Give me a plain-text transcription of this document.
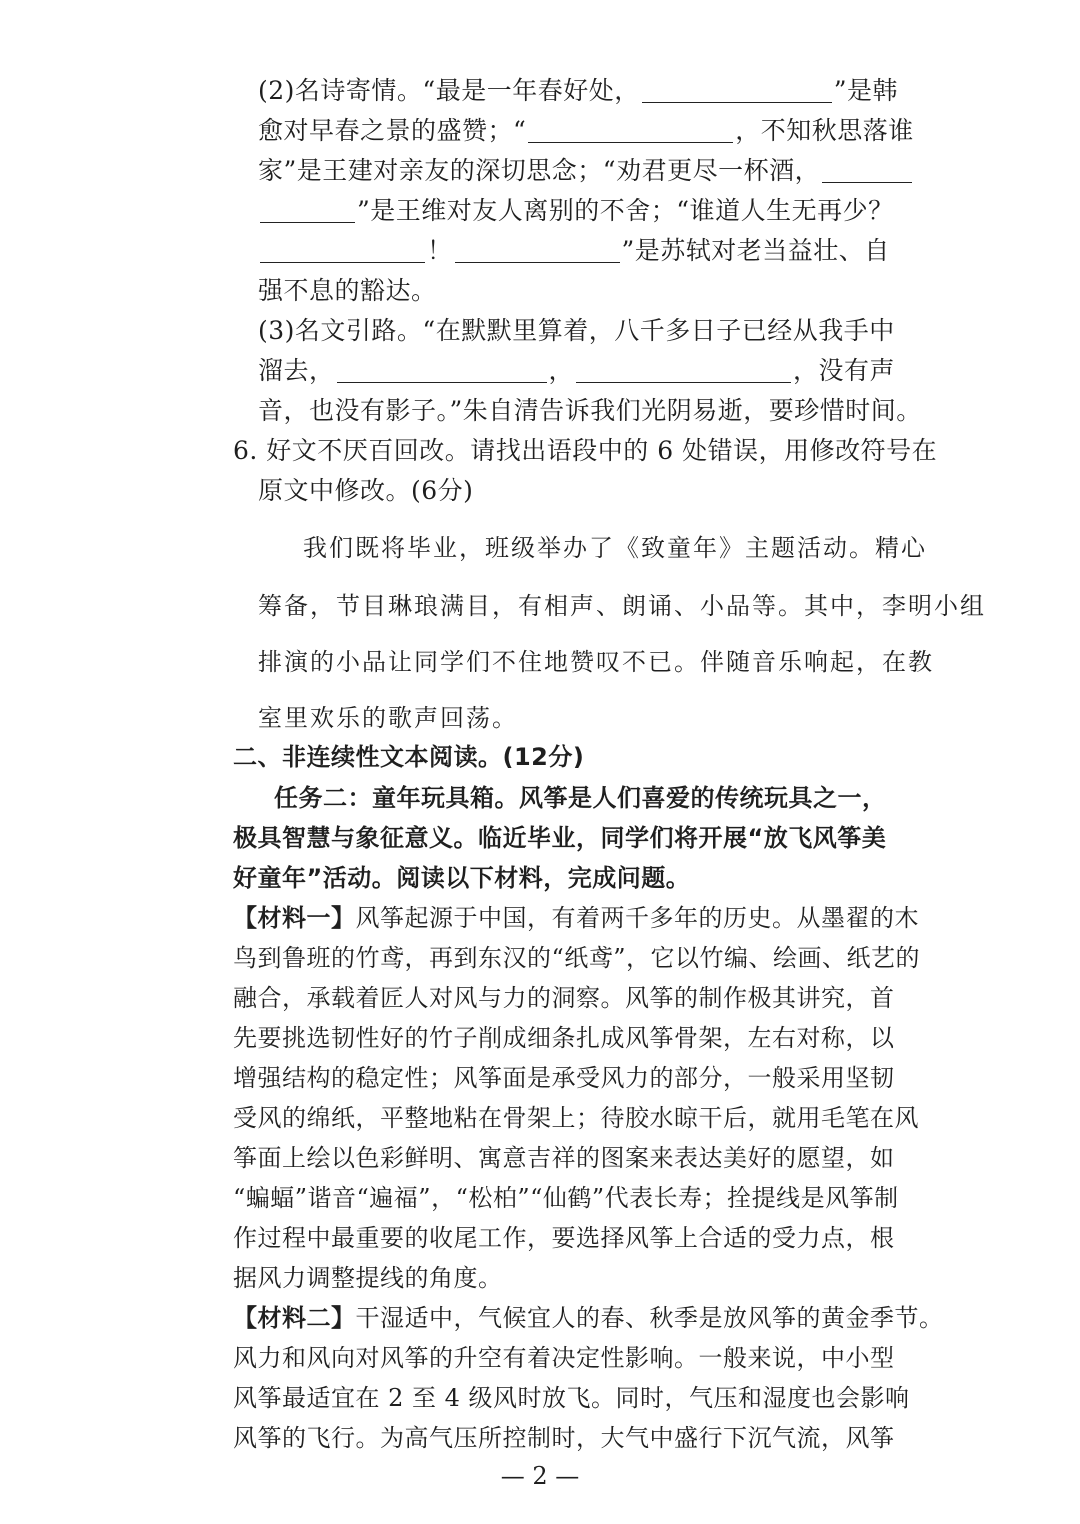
(2)名诗寄情。“最是一年春好处，	”是韩
愈对早春之景的盛赞；“	，不知秋思落谁
家”是王建对亲友的深切思念；“劝君更尽一杯酒，
”是王维对友人离别的不舍；“谁道人生无再少？
！	”是苏轼对老当益壮、自
强不息的豁达。
(3)名文引路。“在默默里算着，八千多日子已经从我手中
溜去，	，	，没有声
音，也没有影子。”朱自清告诉我们光阴易逝，要珍惜时间。
6. 好文不厌百回改。请找出语段中的 6 处错误，用修改符号在
原文中修改。(6分)
我们既将毕业，班级举办了《致童年》主题活动。精心
筹备，节目琳琅满目，有相声、朗诵、小品等。其中，李明小组
排演的小品让同学们不住地赞叹不已。伴随音乐响起，在教
室里欢乐的歌声回荡。
二、非连续性文本阅读。(12分)
任务二：童年玩具箱。风筝是人们喜爱的传统玩具之一，
极具智慧与象征意义。临近毕业，同学们将开展“放飞风筝美
好童年”活动。阅读以下材料，完成问题。
【材料一】风筝起源于中国，有着两千多年的历史。从墨翟的木
鸟到鲁班的竹鸢，再到东汉的“纸鸢”，它以竹编、绘画、纸艺的
融合，承载着匠人对风与力的洞察。风筝的制作极其讲究，首
先要挑选韧性好的竹子削成细条扎成风筝骨架，左右对称，以
增强结构的稳定性；风筝面是承受风力的部分，一般采用坚韧
受风的绵纸，平整地粘在骨架上；待胶水晾干后，就用毛笔在风
筝面上绘以色彩鲜明、寓意吉祥的图案来表达美好的愿望，如
“蝙蝠”谐音“遍福”，“松柏”“仙鹤”代表长寿；拴提线是风筝制
作过程中最重要的收尾工作，要选择风筝上合适的受力点，根
据风力调整提线的角度。
【材料二】干湿适中，气候宜人的春、秋季是放风筝的黄金季节。
风力和风向对风筝的升空有着决定性影响。一般来说，中小型
风筝最适宜在 2 至 4 级风时放飞。同时，气压和湿度也会影响
风筝的飞行。为高气压所控制时，大气中盛行下沉气流，风筝
— 2 —
